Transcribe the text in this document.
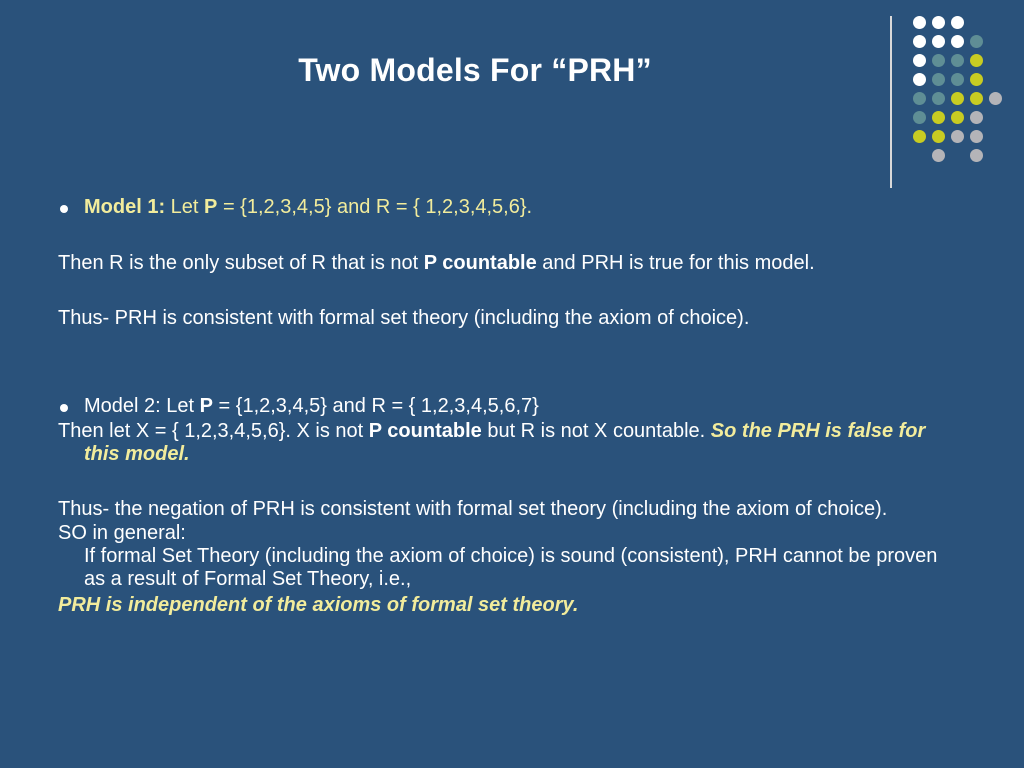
Two Models For “PRH”

Model 1: Let P = {1,2,3,4,5} and R = { 1,2,3,4,5,6}.

Then R is the only subset of R that is not P countable and PRH is true for this model.

Thus- PRH is consistent with formal set theory (including the axiom of choice).

Model 2: Let P = {1,2,3,4,5} and R = { 1,2,3,4,5,6,7}

Then let X = { 1,2,3,4,5,6}. X is not P countable but R is not X countable. So the PRH is false for this model.

Thus- the negation of PRH is consistent with formal set theory (including the axiom of choice).

SO in general:
If formal Set Theory (including the axiom of choice) is sound (consistent), PRH cannot be proven as a result of Formal Set Theory, i.e.,

PRH is independent of the axioms of formal set theory.
